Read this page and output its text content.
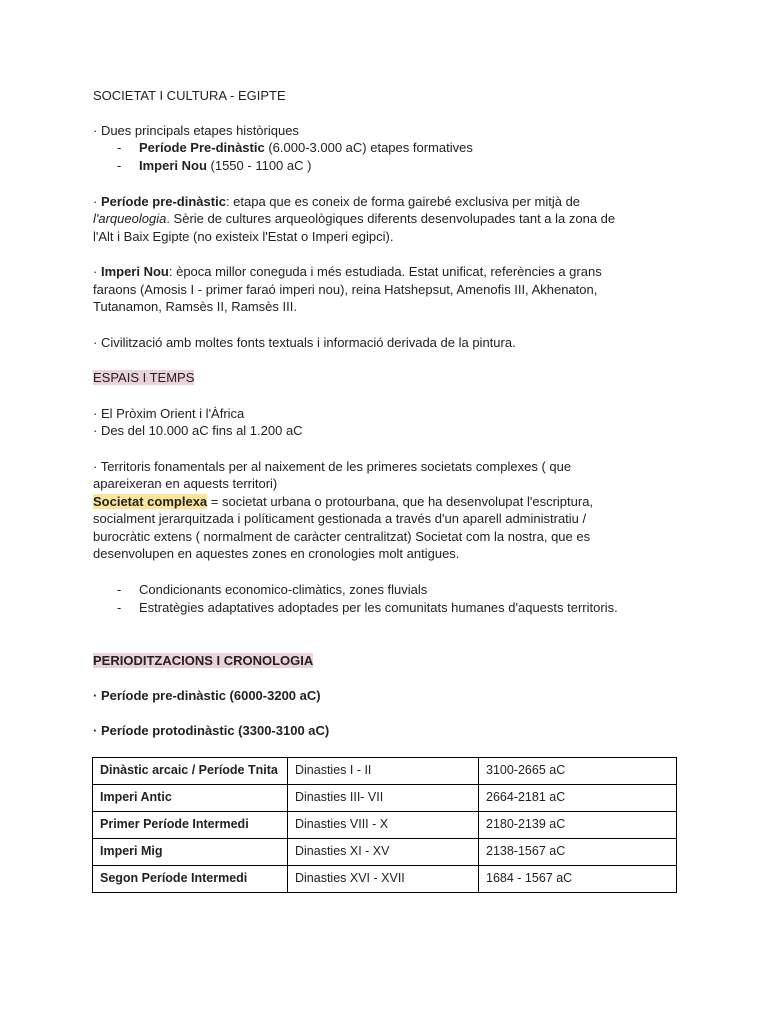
SOCIETAT I CULTURA - EGIPTE
· Dues principals etapes històriques
- Període Pre-dinàstic (6.000-3.000 aC) etapes formatives
- Imperi Nou (1550 - 1100 aC )
· Període pre-dinàstic: etapa que es coneix de forma gairebé exclusiva per mitjà de
l'arqueologia. Sèrie de cultures arqueològiques diferents desenvolupades tant a la zona de
l'Alt i Baix Egipte (no existeix l'Estat o Imperi egipci).
· Imperi Nou: època millor coneguda i més estudiada. Estat unificat, referències a grans
faraons (Amosis I - primer faraó imperi nou), reina Hatshepsut, Amenofis III, Akhenaton,
Tutanamon, Ramsès II, Ramsès III.
· Civilització amb moltes fonts textuals i informació derivada de la pintura.
ESPAIS I TEMPS
· El Pròxim Orient i l'Àfrica
· Des del 10.000 aC fins al 1.200 aC
· Territoris fonamentals per al naixement de les primeres societats complexes ( que
apareixeran en aquests territori)
Societat complexa = societat urbana o protourbana, que ha desenvolupat l'escriptura,
socialment jerarquitzada i políticament gestionada a través d'un aparell administratiu /
burocràtic extens ( normalment de caràcter centralitzat) Societat com la nostra, que es
desenvolupen en aquestes zones en cronologies molt antigues.
- Condicionants economico-climàtics, zones fluvials
- Estratègies adaptatives adoptades per les comunitats humanes d'aquests territoris.
PERIODITZACIONS I CRONOLOGIA
· Període pre-dinàstic (6000-3200 aC)
· Període protodinàstic (3300-3100 aC)
Dinàstic arcaic / Període Tnita	Dinasties I - II	3100-2665 aC
Imperi Antic	Dinasties III- VII	2664-2181 aC
Primer Període Intermedi	Dinasties VIII - X	2180-2139 aC
Imperi Mig	Dinasties XI - XV	2138-1567 aC
Segon Període Intermedi	Dinasties XVI - XVII	1684 - 1567 aC
